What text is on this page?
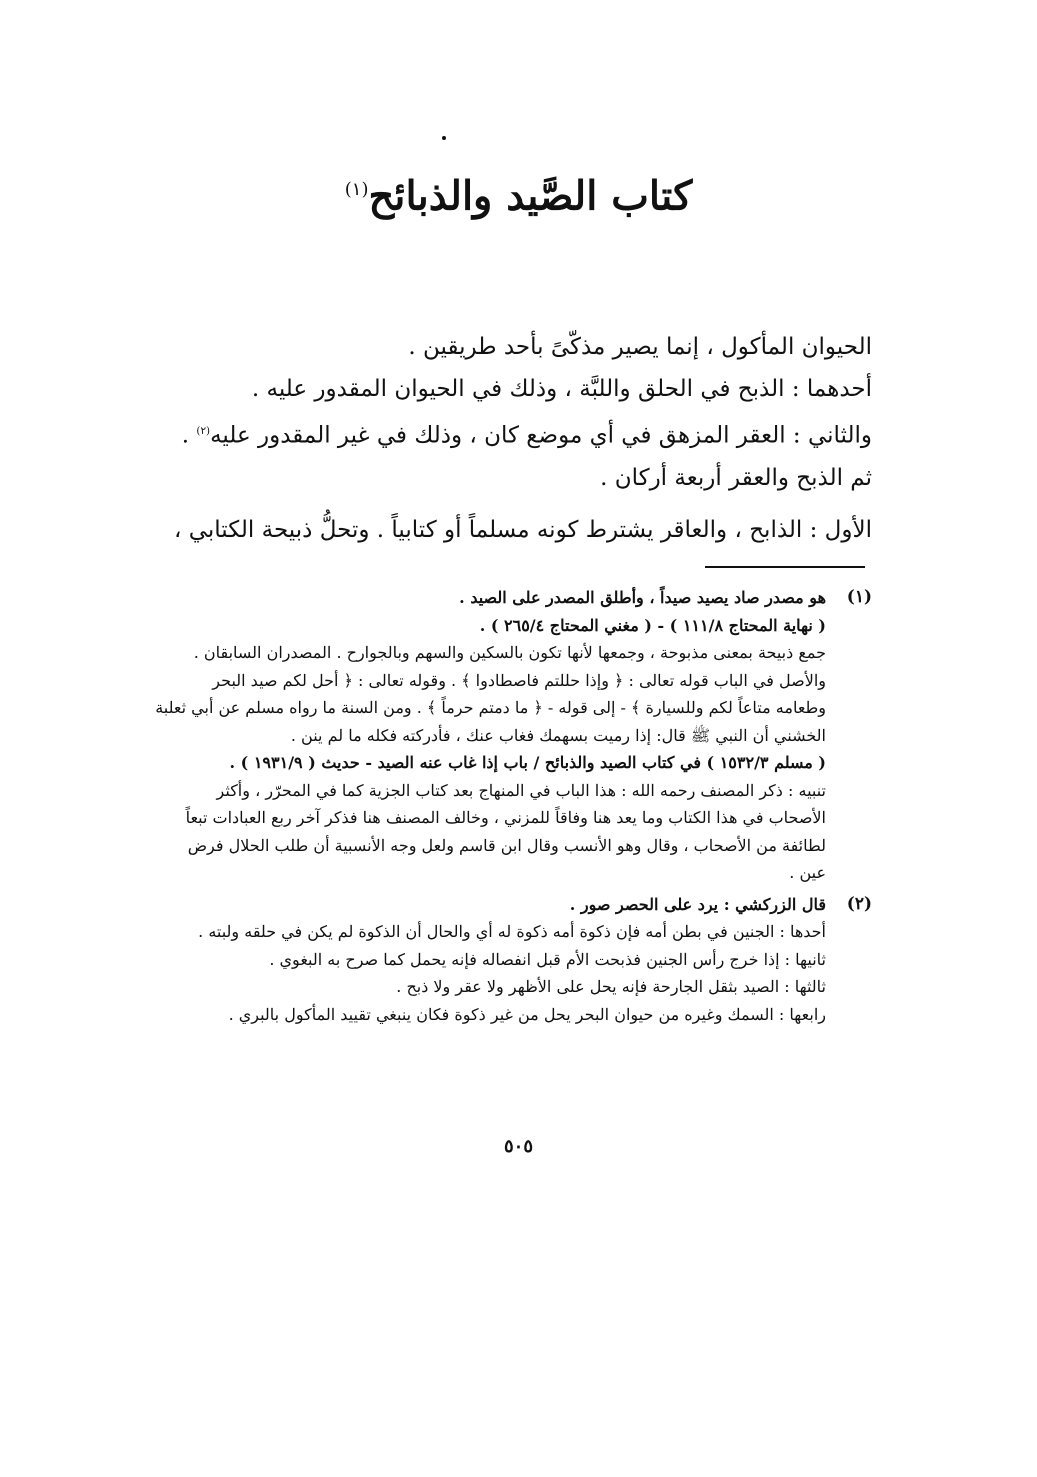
كتاب الصَّيد والذبائح$^{(١)}$
الحيوان المأكول ، إنما يصير مذكّىً بأحد طريقين .
أحدهما : الذبح في الحلق واللبَّة ، وذلك في الحيوان المقدور عليه .
والثاني : العقر المزهق في أي موضع كان ، وذلك في غير المقدور عليه$^{(٢)}$ .
ثم الذبح والعقر أربعة أركان .
الأول : الذابح ، والعاقر يشترط كونه مسلماً أو كتابياً . وتحلُّ ذبيحة الكتابي ،
(١)
هو مصدر صاد يصيد صيداً ، وأطلق المصدر على الصيد .
( نهاية المحتاج ١١١/٨ ) - ( مغني المحتاج ٢٦٥/٤ ) .
جمع ذبيحة بمعنى مذبوحة ، وجمعها لأنها تكون بالسكين والسهم وبالجوارح . المصدران السابقان .
والأصل في الباب قوله تعالى : ﴿ وإذا حللتم فاصطادوا ﴾ . وقوله تعالى : ﴿ أحل لكم صيد البحر
وطعامه متاعاً لكم وللسيارة ﴾ - إلى قوله - ﴿ ما دمتم حرماً ﴾ . ومن السنة ما رواه مسلم عن أبي ثعلبة
الخشني أن النبي ﷺ قال: إذا رميت بسهمك فغاب عنك ، فأدركته فكله ما لم ينن .
( مسلم ١٥٣٢/٣ ) في كتاب الصيد والذبائح / باب إذا غاب عنه الصيد - حديث ( ١٩٣١/٩ ) .
تنبيه : ذكر المصنف رحمه الله : هذا الباب في المنهاج بعد كتاب الجزية كما في المحرّر ، وأكثر
الأصحاب في هذا الكتاب وما يعد هنا وفاقاً للمزني ، وخالف المصنف هنا فذكر آخر ربع العبادات تبعاً
لطائفة من الأصحاب ، وقال وهو الأنسب وقال ابن قاسم ولعل وجه الأنسبية أن طلب الحلال فرض
عين .
(٢)
قال الزركشي : يرد على الحصر صور .
أحدها : الجنين في بطن أمه فإن ذكوة أمه ذكوة له أي والحال أن الذكوة لم يكن في حلقه ولبته .
ثانيها : إذا خرج رأس الجنين فذبحت الأم قبل انفصاله فإنه يحمل كما صرح به البغوي .
ثالثها : الصيد بثقل الجارحة فإنه يحل على الأظهر ولا عقر ولا ذبح .
رابعها : السمك وغيره من حيوان البحر يحل من غير ذكوة فكان ينبغي تقييد المأكول بالبري .
٥٠٥
